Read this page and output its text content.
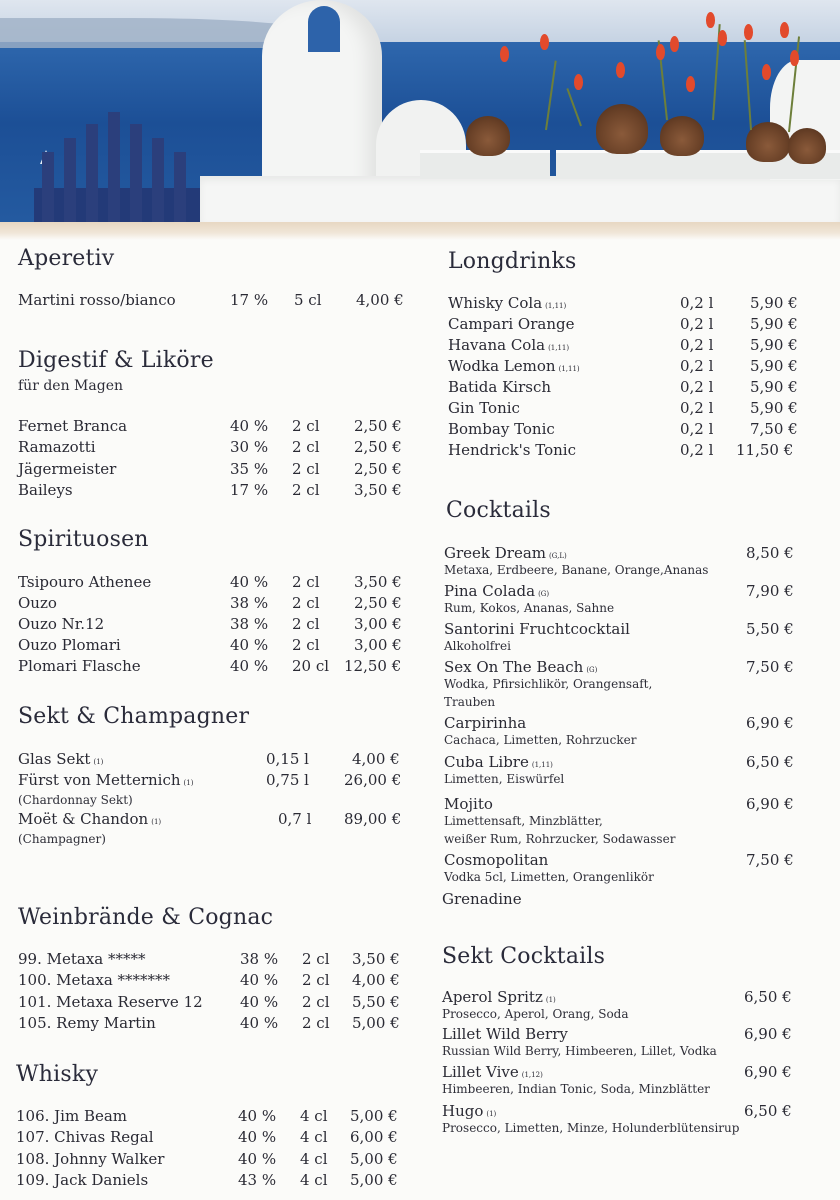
Aperetiv
Martini rosso/bianco	17 % 5 cl 4,00 €
Digestif & Liköre
für den Magen
Fernet Branca	40 % 2 cl 2,50 €
Ramazotti	30 % 2 cl 2,50 €
Jägermeister	35 % 2 cl 2,50 €
Baileys	17 % 2 cl 3,50 €
Spirituosen
Tsipouro Athenee	40 % 2 cl 3,50 €
Ouzo	38 % 2 cl 2,50 €
Ouzo Nr.12	38 % 2 cl 3,00 €
Ouzo Plomari	40 % 2 cl 3,00 €
Plomari Flasche	40 % 20 cl 12,50 €
Sekt & Champagner
Glas Sekt (1)	0,15 l	4,00 €
Fürst von Metternich (1)	0,75 l 26,00 €
(Chardonnay Sekt)
Moët & Chandon (1)	0,7 l 89,00 €
(Champagner)
Weinbrände & Cognac
99. Metaxa *****	38 % 2 cl 3,50 €
100. Metaxa *******	40 % 2 cl 4,00 €
101. Metaxa Reserve 12 40 % 2 cl 5,50 €
105. Remy Martin	40 % 2 cl 5,00 €
Whisky
106. Jim Beam	40 % 4 cl 5,00 €
107. Chivas Regal	40 % 4 cl 6,00 €
108. Johnny Walker	40 % 4 cl 5,00 €
109. Jack Daniels	43 % 4 cl 5,00 €
Longdrinks
Cocktails
Sekt Cocktails
Whisky Cola (1,11)	0,2 l 5,90 €
Campari Orange	0,2 l 5,90 €
Havana Cola (1,11)	0,2 l 5,90 €
Wodka Lemon (1,11)	0,2 l 5,90 €
Batida Kirsch	0,2 l 5,90 €
Gin Tonic	0,2 l 5,90 €
Bombay Tonic	0,2 l 7,50 €
Hendrick's Tonic	0,2 l 11,50 €
Greek Dream (G,L)	8,50 €
Metaxa, Erdbeere, Banane, Orange,Ananas
Pina Colada (G)	7,90 €
Rum, Kokos, Ananas, Sahne
Santorini Fruchtcocktail	5,50 €
Alkoholfrei
Sex On The Beach (G)	7,50 €
Wodka, Pfirsichlikör, Orangensaft,
Trauben
Carpirinha	6,90 €
Cachaca, Limetten, Rohrzucker
Cuba Libre (1,11)	6,50 €
Limetten, Eiswürfel
Mojito	6,90 €
Limettensaft, Minzblätter,
weißer Rum, Rohrzucker, Sodawasser
Cosmopolitan	7,50 €
Vodka 5cl, Limetten, Orangenlikör
Grenadine
Aperol Spritz (1)	6,50 €
Prosecco, Aperol, Orang, Soda
Lillet Wild Berry	6,90 €
Russian Wild Berry, Himbeeren, Lillet, Vodka
Lillet Vive (1,12)	6,90 €
Himbeeren, Indian Tonic, Soda, Minzblätter
Hugo (1)	6,50 €
Prosecco, Limetten, Minze, Holunderblütensirup
